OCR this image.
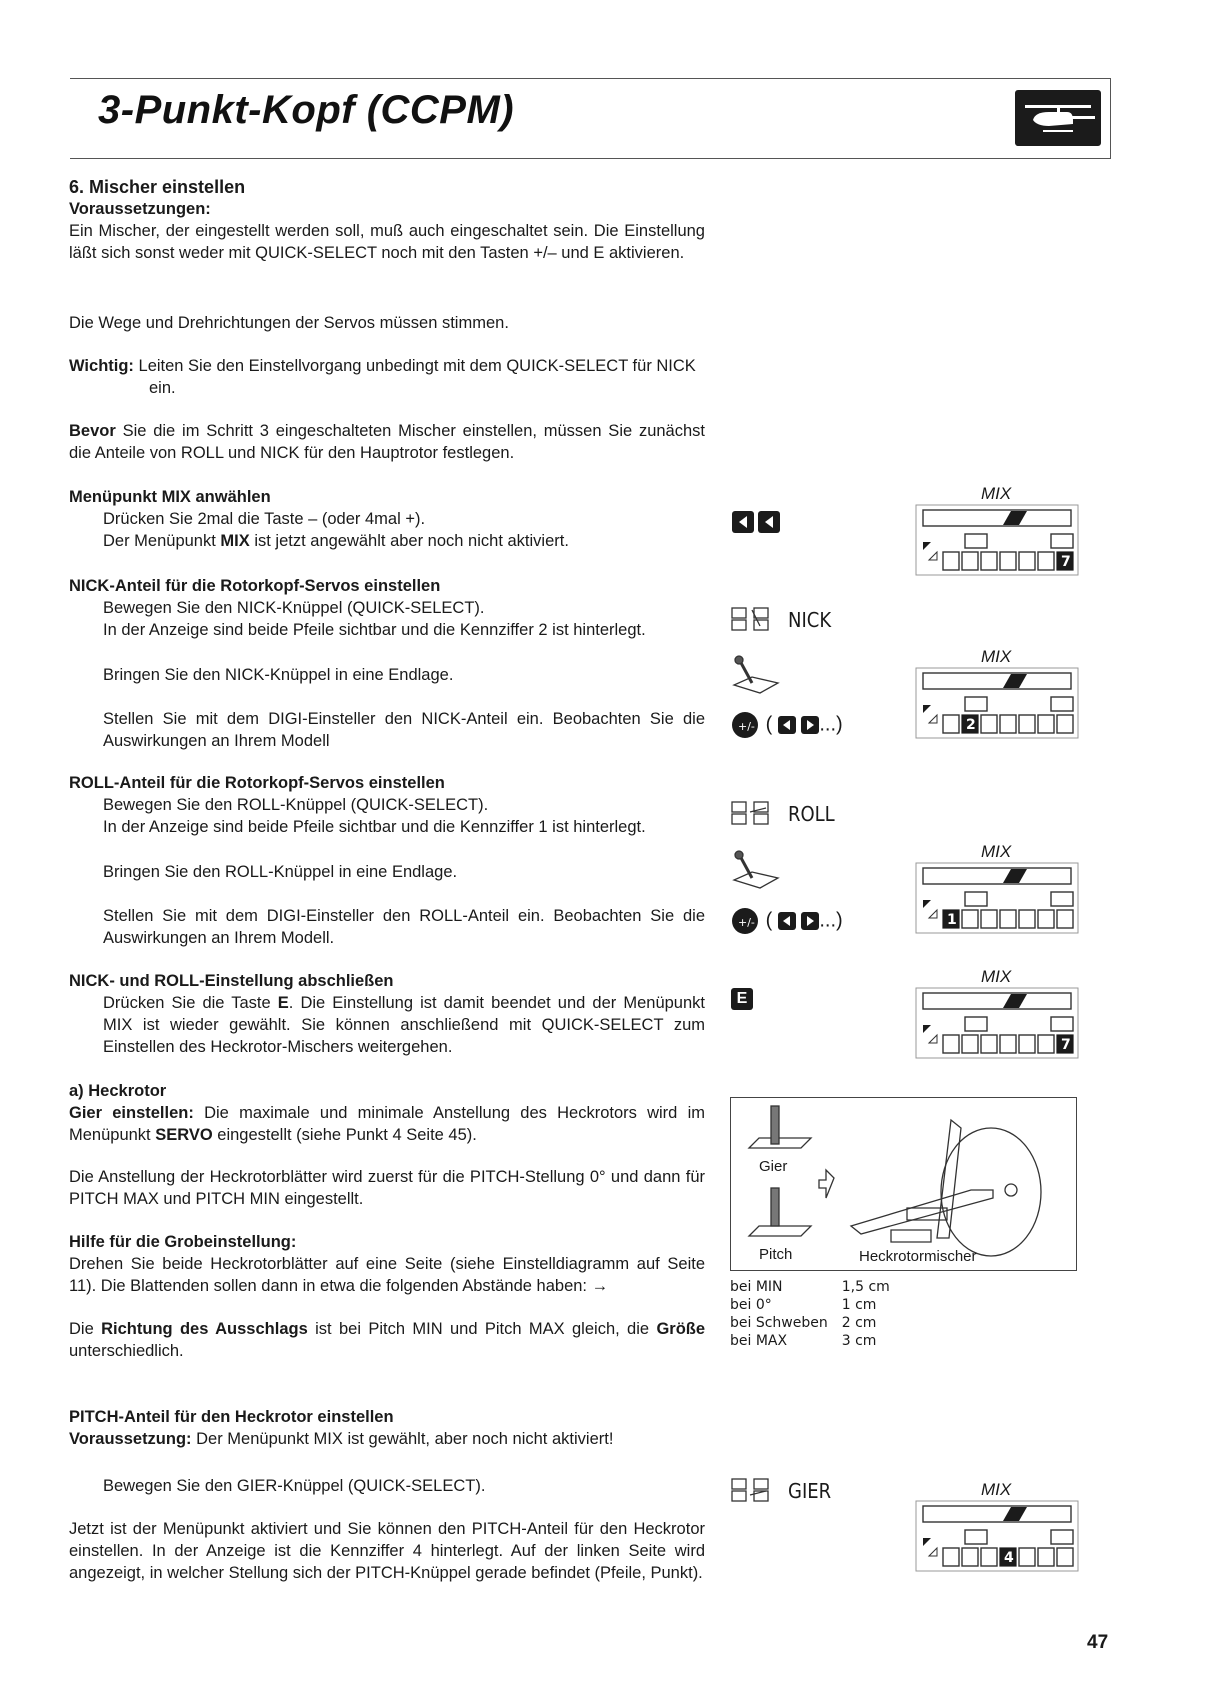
3-Punkt-Kopf (CCPM)

6. Mischer einstellen

Voraussetzungen:

Ein Mischer, der eingestellt werden soll, muß auch eingeschaltet sein. Die Einstellung läßt sich sonst weder mit QUICK-SELECT noch mit den Tasten +/– und E aktivieren.

Die Wege und Drehrichtungen der Servos müssen stimmen.

Wichtig: Leiten Sie den Einstellvorgang unbedingt mit dem QUICK-SELECT für NICK ein.

Bevor Sie die im Schritt 3 eingeschalteten Mischer einstellen, müssen Sie zunächst die Anteile von ROLL und NICK für den Hauptrotor festlegen.

Menüpunkt MIX anwählen

Drücken Sie 2mal die Taste – (oder 4mal +).

Der Menüpunkt MIX ist jetzt angewählt aber noch nicht aktiviert.

NICK-Anteil für die Rotorkopf-Servos einstellen

Bewegen Sie den NICK-Knüppel (QUICK-SELECT).

In der Anzeige sind beide Pfeile sichtbar und die Kennziffer 2 ist hinterlegt.

Bringen Sie den NICK-Knüppel in eine Endlage.

Stellen Sie mit dem DIGI-Einsteller den NICK-Anteil ein. Beobachten Sie die Auswirkungen an Ihrem Modell

ROLL-Anteil für die Rotorkopf-Servos einstellen

Bewegen Sie den ROLL-Knüppel (QUICK-SELECT).

In der Anzeige sind beide Pfeile sichtbar und die Kennziffer 1 ist hinterlegt.

Bringen Sie den ROLL-Knüppel in eine Endlage.

Stellen Sie mit dem DIGI-Einsteller den ROLL-Anteil ein. Beobachten Sie die Auswirkungen an Ihrem Modell.

NICK- und ROLL-Einstellung abschließen

Drücken Sie die Taste E. Die Einstellung ist damit beendet und der Menüpunkt MIX ist wieder gewählt. Sie können anschließend mit QUICK-SELECT zum Einstellen des Heckrotor-Mischers weitergehen.

a) Heckrotor

Gier einstellen: Die maximale und minimale Anstellung des Heckrotors wird im Menüpunkt SERVO eingestellt (siehe Punkt 4 Seite 45).

Die Anstellung der Heckrotorblätter wird zuerst für die PITCH-Stellung 0° und dann für PITCH MAX und PITCH MIN eingestellt.

Hilfe für die Grobeinstellung:

Drehen Sie beide Heckrotorblätter auf eine Seite (siehe Einstelldiagramm auf Seite 11). Die Blattenden sollen dann in etwa die folgenden Abstände haben: →

Die Richtung des Ausschlags ist bei Pitch MIN und Pitch MAX gleich, die Größe unterschiedlich.

PITCH-Anteil für den Heckrotor einstellen

Voraussetzung: Der Menüpunkt MIX ist gewählt, aber noch nicht aktiviert!

Bewegen Sie den GIER-Knüppel (QUICK-SELECT).

Jetzt ist der Menüpunkt aktiviert und Sie können den PITCH-Anteil für den Heckrotor einstellen. In der Anzeige ist die Kennziffer 4 hinterlegt. Auf der linken Seite wird angezeigt, in welcher Stellung sich der PITCH-Knüppel gerade befindet (Pfeile, Punkt).

NICK
+/- ( ...)
ROLL
+/- ( ...)
E
GIER
MIX
7
MIX
2
MIX
1
MIX
7
MIX
4
Gier
Pitch	Heckrotormischer
bei MIN	1,5 cm
bei 0°	1 cm
bei Schweben	2 cm
bei MAX	3 cm
47
